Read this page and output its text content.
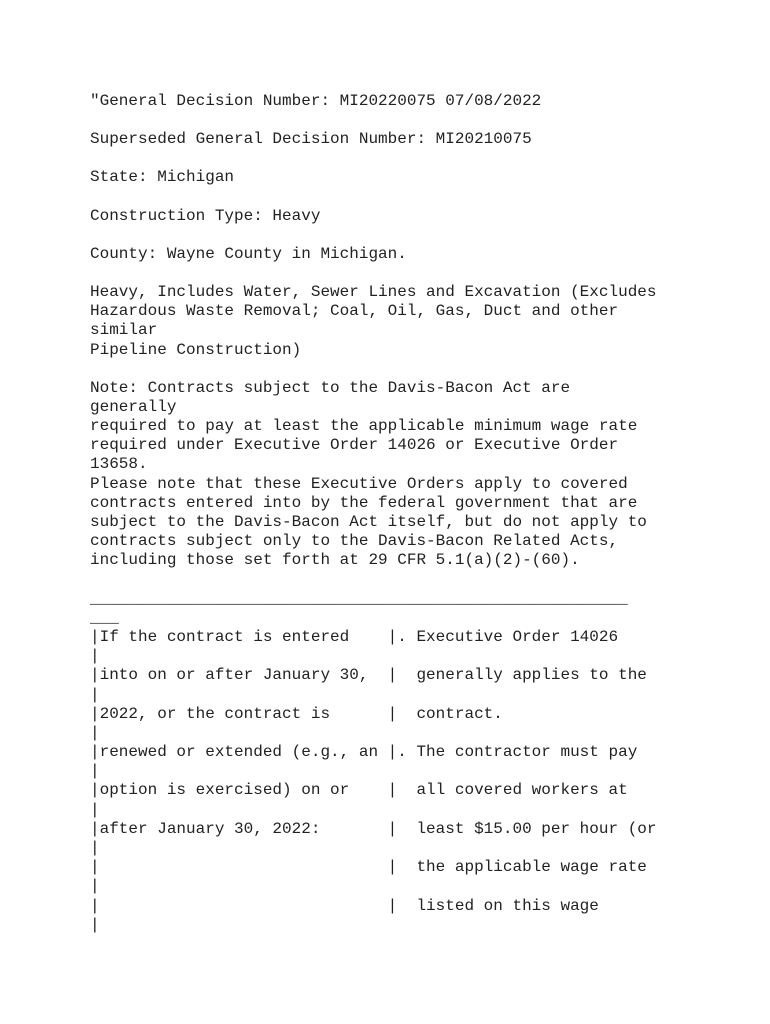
"General Decision Number: MI20220075 07/08/2022
Superseded General Decision Number: MI20210075
State: Michigan
Construction Type: Heavy
County: Wayne County in Michigan.
Heavy, Includes Water, Sewer Lines and Excavation (Excludes
Hazardous Waste Removal; Coal, Oil, Gas, Duct and other
similar
Pipeline Construction)
Note: Contracts subject to the Davis-Bacon Act are
generally
required to pay at least the applicable minimum wage rate
required under Executive Order 14026 or Executive Order
13658.
Please note that these Executive Orders apply to covered
contracts entered into by the federal government that are
subject to the Davis-Bacon Act itself, but do not apply to
contracts subject only to the Davis-Bacon Related Acts,
including those set forth at 29 CFR 5.1(a)(2)-(60).
________________________________________________________
___
|If the contract is entered    |. Executive Order 14026
|
|into on or after January 30,  |  generally applies to the
|
|2022, or the contract is      |  contract.
|
|renewed or extended (e.g., an |. The contractor must pay
|
|option is exercised) on or    |  all covered workers at
|
|after January 30, 2022:       |  least $15.00 per hour (or
|
|                              |  the applicable wage rate
|
|                              |  listed on this wage
|
